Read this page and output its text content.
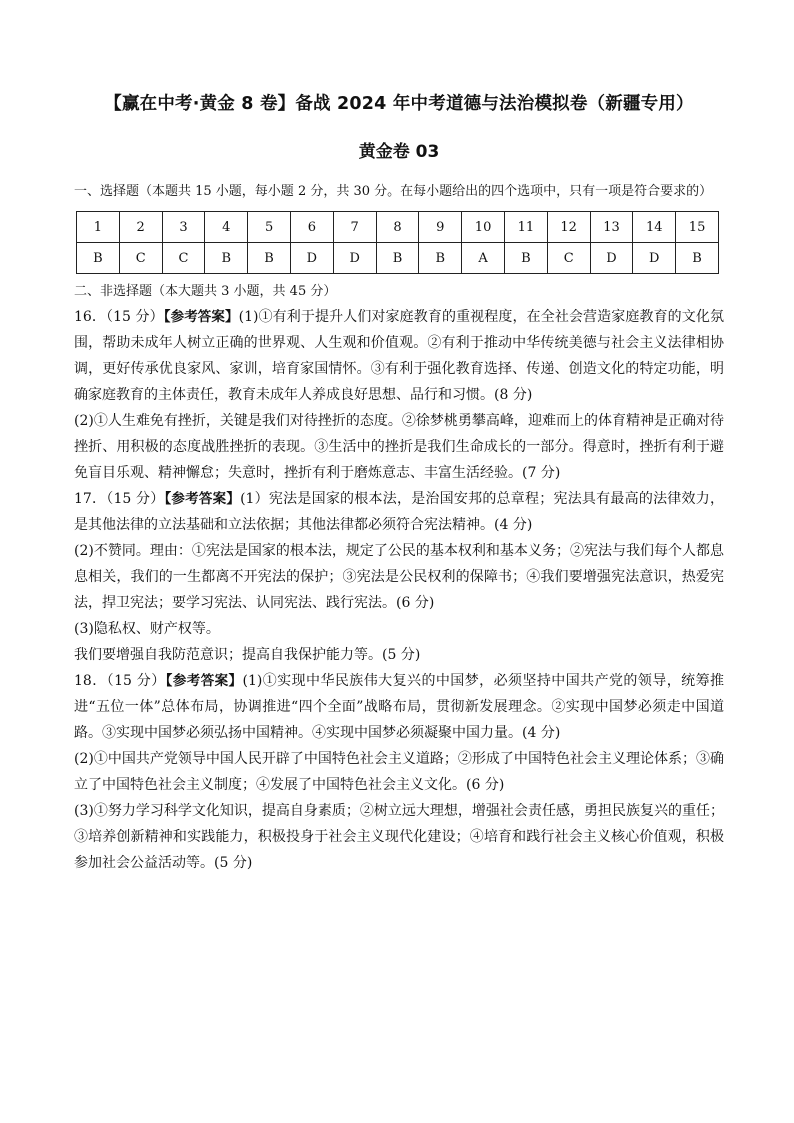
【赢在中考·黄金 8 卷】备战 2024 年中考道德与法治模拟卷（新疆专用）
黄金卷 03
一、选择题（本题共 15 小题，每小题 2 分，共 30 分。在每小题给出的四个选项中，只有一项是符合要求的）
1	2	3	4	5	6	7	8	9	10	11	12	13	14	15
B	C	C	B	B	D	D	B	B	A	B	C	D	D	B
二、非选择题（本大题共 3 小题，共 45 分）

16．（15 分）【参考答案】(1)①有利于提升人们对家庭教育的重视程度，在全社会营造家庭教育的文化氛围，帮助未成年人树立正确的世界观、人生观和价值观。②有利于推动中华传统美德与社会主义法律相协调，更好传承优良家风、家训，培育家国情怀。③有利于强化教育选择、传递、创造文化的特定功能，明确家庭教育的主体责任，教育未成年人养成良好思想、品行和习惯。(8 分)

(2)①人生难免有挫折，关键是我们对待挫折的态度。②徐梦桃勇攀高峰，迎难而上的体育精神是正确对待挫折、用积极的态度战胜挫折的表现。③生活中的挫折是我们生命成长的一部分。得意时，挫折有利于避免盲目乐观、精神懈怠；失意时，挫折有利于磨炼意志、丰富生活经验。(7 分)

17．（15 分）【参考答案】(1）宪法是国家的根本法，是治国安邦的总章程；宪法具有最高的法律效力，是其他法律的立法基础和立法依据；其他法律都必须符合宪法精神。(4 分)

(2)不赞同。理由：①宪法是国家的根本法，规定了公民的基本权利和基本义务；②宪法与我们每个人都息息相关，我们的一生都离不开宪法的保护；③宪法是公民权利的保障书；④我们要增强宪法意识，热爱宪法，捍卫宪法；要学习宪法、认同宪法、践行宪法。(6 分)

(3)隐私权、财产权等。

我们要增强自我防范意识；提高自我保护能力等。(5 分)

18．（15 分）【参考答案】(1)①实现中华民族伟大复兴的中国梦，必须坚持中国共产党的领导，统筹推进“五位一体”总体布局，协调推进“四个全面”战略布局，贯彻新发展理念。②实现中国梦必须走中国道路。③实现中国梦必须弘扬中国精神。④实现中国梦必须凝聚中国力量。(4 分)

(2)①中国共产党领导中国人民开辟了中国特色社会主义道路；②形成了中国特色社会主义理论体系；③确立了中国特色社会主义制度；④发展了中国特色社会主义文化。(6 分)

(3)①努力学习科学文化知识，提高自身素质；②树立远大理想，增强社会责任感，勇担民族复兴的重任；③培养创新精神和实践能力，积极投身于社会主义现代化建设；④培育和践行社会主义核心价值观，积极参加社会公益活动等。(5 分)
